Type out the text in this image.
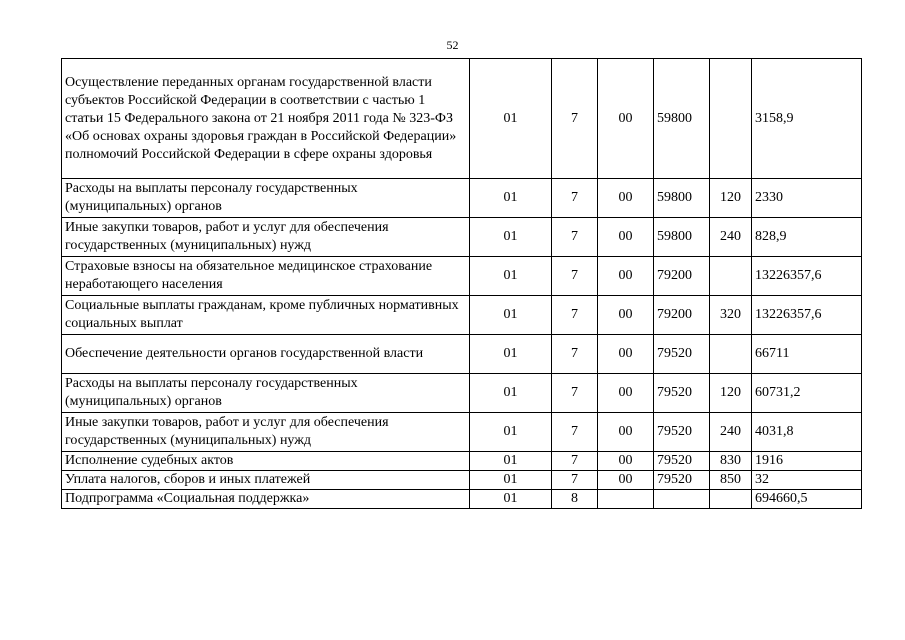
52
Осуществление переданных органам государственной власти субъектов Российской Федерации в соответствии с частью 1 статьи 15 Федерального закона от 21 ноября 2011 года № 323-ФЗ «Об основах охраны здоровья граждан в Российской Федерации» полномочий Российской Федерации в сфере охраны здоровья	01	7	00	59800		3158,9
Расходы на выплаты персоналу государственных (муниципальных) органов	01	7	00	59800	120	2330
Иные закупки товаров, работ и услуг для обеспечения государственных (муниципальных) нужд	01	7	00	59800	240	828,9
Страховые взносы на обязательное медицинское страхование неработающего населения	01	7	00	79200		13226357,6
Социальные выплаты гражданам, кроме публичных нормативных социальных выплат	01	7	00	79200	320	13226357,6
Обеспечение деятельности органов государственной власти	01	7	00	79520		66711
Расходы на выплаты персоналу государственных (муниципальных) органов	01	7	00	79520	120	60731,2
Иные закупки товаров, работ и услуг для обеспечения государственных (муниципальных) нужд	01	7	00	79520	240	4031,8
Исполнение судебных актов	01	7	00	79520	830	1916
Уплата налогов, сборов и иных платежей	01	7	00	79520	850	32
Подпрограмма «Социальная поддержка»	01	8				694660,5
